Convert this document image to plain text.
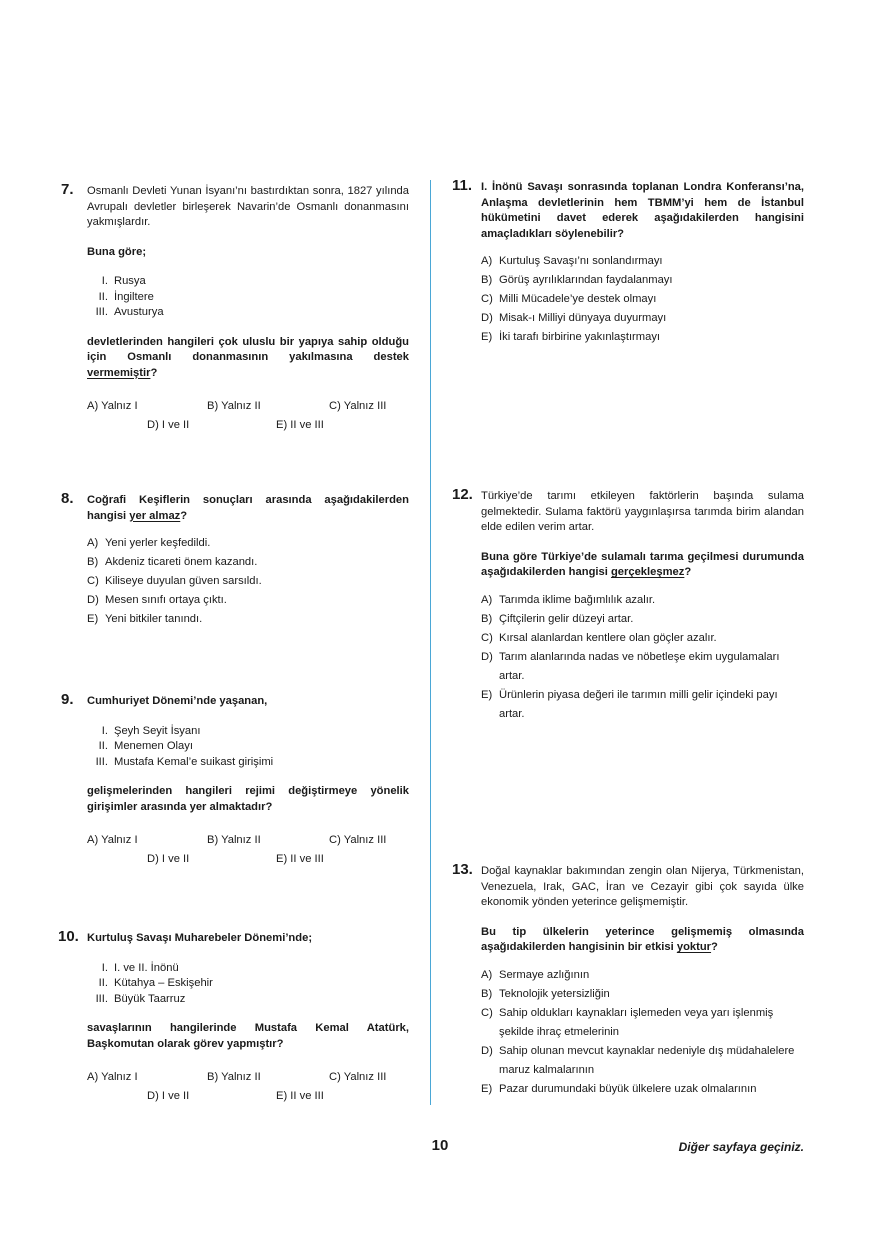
7. Osmanlı Devleti Yunan İsyanı’nı bastırdıktan sonra, 1827 yılında Avrupalı devletler birleşerek Navarin’de Osmanlı donanmasını yakmışlardır.

Buna göre;

I. Rusya
II. İngiltere
III. Avusturya

devletlerinden hangileri çok uluslu bir yapıya sahip olduğu için Osmanlı donanmasının yakılmasına destek vermemiştir?

A) Yalnız I	B) Yalnız II	C) Yalnız III
D) I ve II	E) II ve III
8. Coğrafi Keşiflerin sonuçları arasında aşağıdakilerden hangisi yer almaz?

A) Yeni yerler keşfedildi.
B) Akdeniz ticareti önem kazandı.
C) Kiliseye duyulan güven sarsıldı.
D) Mesen sınıfı ortaya çıktı.
E) Yeni bitkiler tanındı.
9. Cumhuriyet Dönemi’nde yaşanan,

I. Şeyh Seyit İsyanı
II. Menemen Olayı
III. Mustafa Kemal’e suikast girişimi

gelişmelerinden hangileri rejimi değiştirmeye yönelik girişimler arasında yer almaktadır?

A) Yalnız I	B) Yalnız II	C) Yalnız III
D) I ve II	E) II ve III
10. Kurtuluş Savaşı Muharebeler Dönemi’nde;

I. I. ve II. İnönü
II. Kütahya – Eskişehir
III. Büyük Taarruz

savaşlarının hangilerinde Mustafa Kemal Atatürk, Başkomutan olarak görev yapmıştır?

A) Yalnız I	B) Yalnız II	C) Yalnız III
D) I ve II	E) II ve III
11. I. İnönü Savaşı sonrasında toplanan Londra Konferansı’na, Anlaşma devletlerinin hem TBMM’yi hem de İstanbul hükümetini davet ederek aşağıdakilerden hangisini amaçladıkları söylenebilir?

A) Kurtuluş Savaşı’nı sonlandırmayı
B) Görüş ayrılıklarından faydalanmayı
C) Milli Mücadele’ye destek olmayı
D) Misak-ı Milliyi dünyaya duyurmayı
E) İki tarafı birbirine yakınlaştırmayı
12. Türkiye’de tarımı etkileyen faktörlerin başında sulama gelmektedir. Sulama faktörü yaygınlaşırsa tarımda birim alandan elde edilen verim artar.

Buna göre Türkiye’de sulamalı tarıma geçilmesi durumunda aşağıdakilerden hangisi gerçekleşmez?

A) Tarımda iklime bağımlılık azalır.
B) Çiftçilerin gelir düzeyi artar.
C) Kırsal alanlardan kentlere olan göçler azalır.
D) Tarım alanlarında nadas ve nöbetleşe ekim uygulamaları artar.
E) Ürünlerin piyasa değeri ile tarımın milli gelir içindeki payı artar.
13. Doğal kaynaklar bakımından zengin olan Nijerya, Türkmenistan, Venezuela, Irak, GAC, İran ve Cezayir gibi çok sayıda ülke ekonomik yönden yeterince gelişmemiştir.

Bu tip ülkelerin yeterince gelişmemiş olmasında aşağıdakilerden hangisinin bir etkisi yoktur?

A) Sermaye azlığının
B) Teknolojik yetersizliğin
C) Sahip oldukları kaynakları işlemeden veya yarı işlenmiş şekilde ihraç etmelerinin
D) Sahip olunan mevcut kaynaklar nedeniyle dış müdahalelere maruz kalmalarının
E) Pazar durumundaki büyük ülkelere uzak olmalarının
10	Diğer sayfaya geçiniz.
